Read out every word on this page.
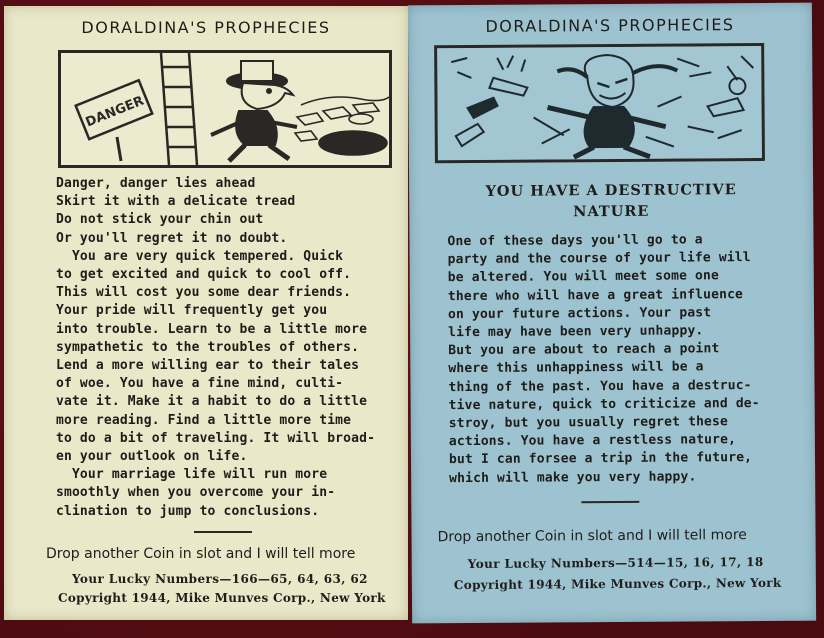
DORALDINA'S PROPHECIES
DANGER
Danger, danger lies ahead
Skirt it with a delicate tread
Do not stick your chin out
Or you'll regret it no doubt.
You are very quick tempered. Quick
to get excited and quick to cool off.
This will cost you some dear friends.
Your pride will frequently get you
into trouble. Learn to be a little more
sympathetic to the troubles of others.
Lend a more willing ear to their tales
of woe. You have a fine mind, culti-
vate it. Make it a habit to do a little
more reading. Find a little more time
to do a bit of traveling. It will broad-
en your outlook on life.
Your marriage life will run more
smoothly when you overcome your in-
clination to jump to conclusions.
Drop another Coin in slot and I will tell more
Your Lucky Numbers—166—65, 64, 63, 62
Copyright 1944, Mike Munves Corp., New York
DORALDINA'S PROPHECIES
YOU HAVE A DESTRUCTIVE
NATURE
One of these days you'll go to a
party and the course of your life will
be altered. You will meet some one
there who will have a great influence
on your future actions. Your past
life may have been very unhappy.
But you are about to reach a point
where this unhappiness will be a
thing of the past. You have a destruc-
tive nature, quick to criticize and de-
stroy, but you usually regret these
actions. You have a restless nature,
but I can forsee a trip in the future,
which will make you very happy.
Drop another Coin in slot and I will tell more
Your Lucky Numbers—514—15, 16, 17, 18
Copyright 1944, Mike Munves Corp., New York
